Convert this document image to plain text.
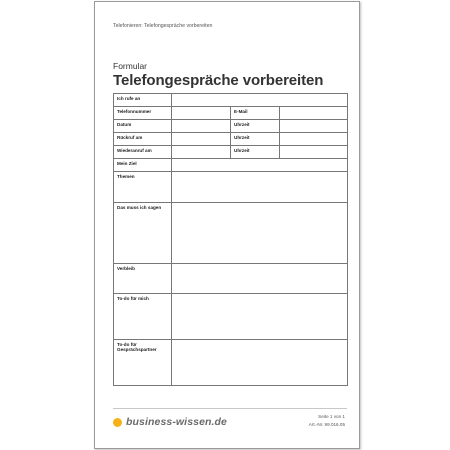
Telefonieren: Telefongespräche vorbereiten
Formular
Telefongespräche vorbereiten
Ich rufe an			
Telefonnummer		E-Mail	
Datum		Uhrzeit	
Rückruf am		Uhrzeit	
Wiederanruf am		Uhrzeit	
Mein Ziel			
Themen			
Das muss ich sagen			
Verbleib			
To-do für mich			
To-do für Gesprächspartner			
business-wissen.de	Seite 1 von 1
Art.-Nr. 99.016.05
